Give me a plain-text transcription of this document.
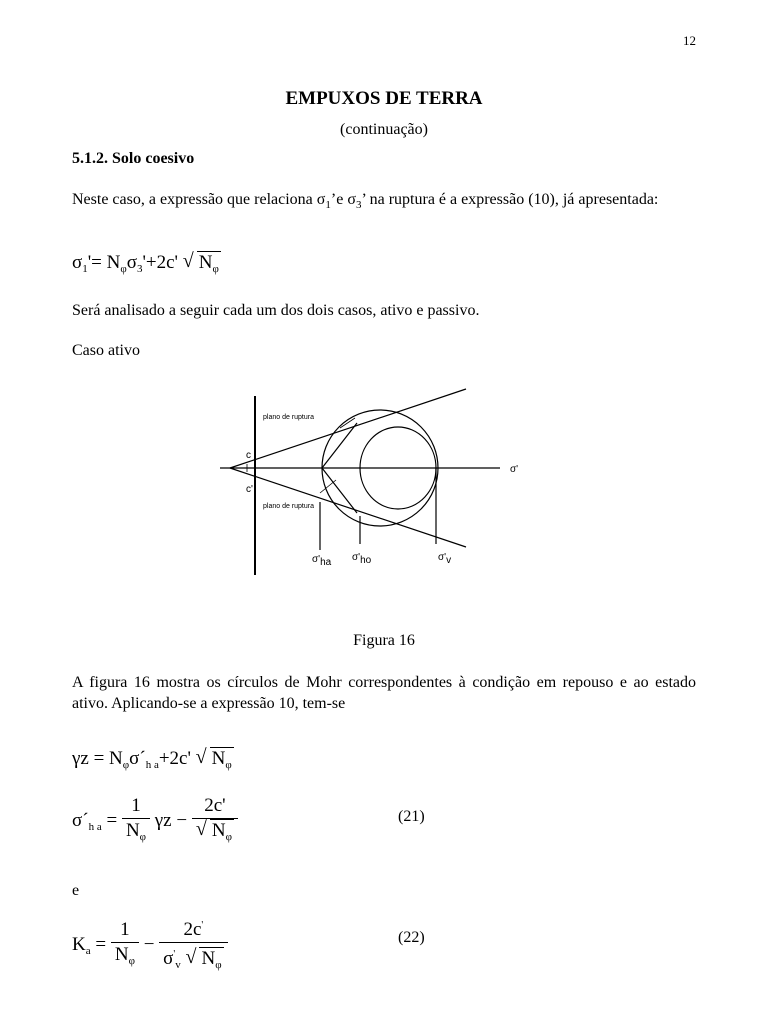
12
EMPUXOS DE TERRA
(continuação)
5.1.2. Solo coesivo
Neste caso, a expressão que relaciona $\sigma_1’e$ $\sigma_3$’ na ruptura é a expressão (10), já apresentada:
$\sigma_1'= N_\varphi\sigma_3'+2c'$ √ $N_\varphi$
Será analisado a seguir cada um dos dois casos, ativo e passivo.
Caso ativo
plano de ruptura
plano de ruptura
c
c'
σ'
σ'ha σ'ho	σ'v
Figura 16
A figura 16 mostra os círculos de Mohr correspondentes à condição em repouso e ao estado ativo. Aplicando-se a expressão 10, tem-se
$\gamma z = N_\varphi\sigma´_{h a}+2c'$ √ $N_\varphi$
$\sigma´_{h a} = \frac{1}{N_\varphi}$ γz − 2c'
√ $N_\varphi$	(21)
e
$K_a = \frac{1}{N_\varphi} - \frac{2c'}{\sigma'_v √ N_\varphi}$	(22)
